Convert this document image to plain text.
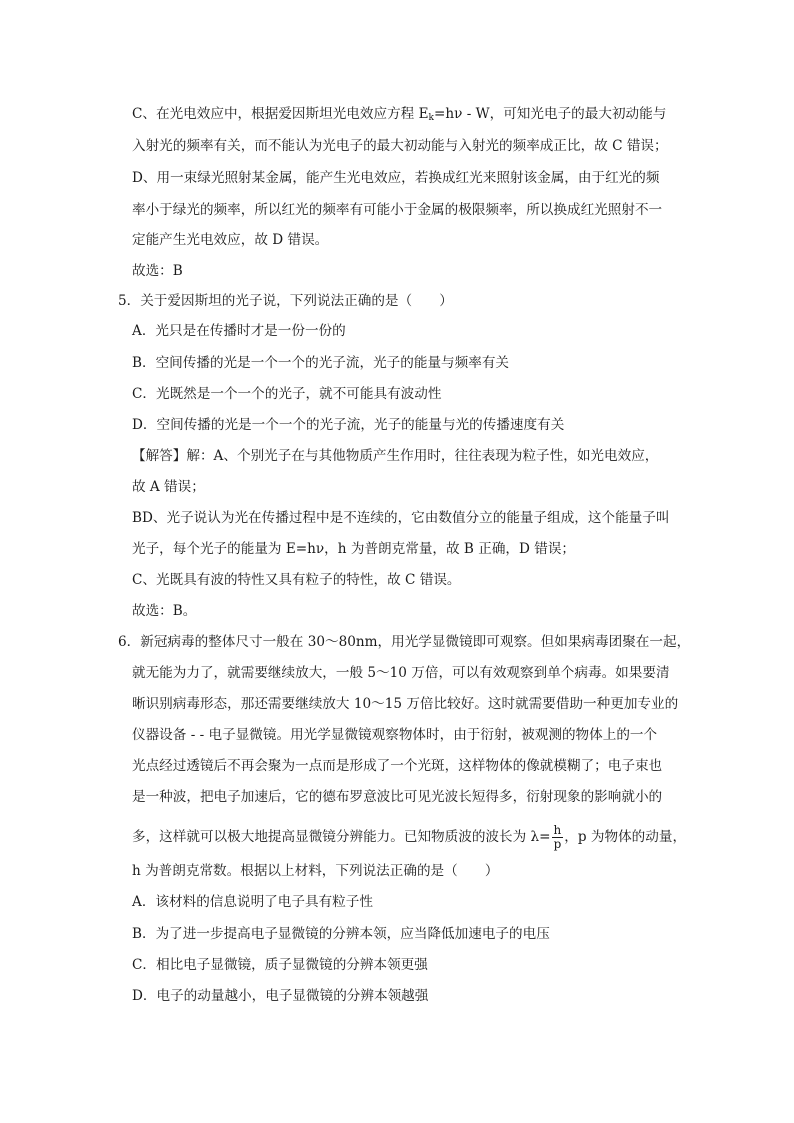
C、在光电效应中，根据爱因斯坦光电效应方程 $E_k=h\nu - W$，可知光电子的最大初动能与
入射光的频率有关，而不能认为光电子的最大初动能与入射光的频率成正比，故 C 错误；
D、用一束绿光照射某金属，能产生光电效应，若换成红光来照射该金属，由于红光的频
率小于绿光的频率，所以红光的频率有可能小于金属的极限频率，所以换成红光照射不一
定能产生光电效应，故 D 错误。
故选：B
5．关于爱因斯坦的光子说，下列说法正确的是（　　）
A．光只是在传播时才是一份一份的
B．空间传播的光是一个一个的光子流，光子的能量与频率有关
C．光既然是一个一个的光子，就不可能具有波动性
D．空间传播的光是一个一个的光子流，光子的能量与光的传播速度有关
【解答】解：A、个别光子在与其他物质产生作用时，往往表现为粒子性，如光电效应，
故 A 错误；
BD、光子说认为光在传播过程中是不连续的，它由数值分立的能量子组成，这个能量子叫
光子，每个光子的能量为 E=hν，h 为普朗克常量，故 B 正确，D 错误；
C、光既具有波的特性又具有粒子的特性，故 C 错误。
故选：B。
6．新冠病毒的整体尺寸一般在 30～80nm，用光学显微镜即可观察。但如果病毒团聚在一起，
就无能为力了，就需要继续放大，一般 5～10 万倍，可以有效观察到单个病毒。如果要清
晰识别病毒形态，那还需要继续放大 10～15 万倍比较好。这时就需要借助一种更加专业的
仪器设备 - - 电子显微镜。用光学显微镜观察物体时，由于衍射，被观测的物体上的一个
光点经过透镜后不再会聚为一点而是形成了一个光斑，这样物体的像就模糊了；电子束也
是一种波，把电子加速后，它的德布罗意波比可见光波长短得多，衍射现象的影响就小的
多，这样就可以极大地提高显微镜分辨能力。已知物质波的波长为 $\lambda= \frac{h}{p}$ ，p 为物体的动量，
h 为普朗克常数。根据以上材料，下列说法正确的是（　　）
A．该材料的信息说明了电子具有粒子性
B．为了进一步提高电子显微镜的分辨本领，应当降低加速电子的电压
C．相比电子显微镜，质子显微镜的分辨本领更强
D．电子的动量越小，电子显微镜的分辨本领越强
